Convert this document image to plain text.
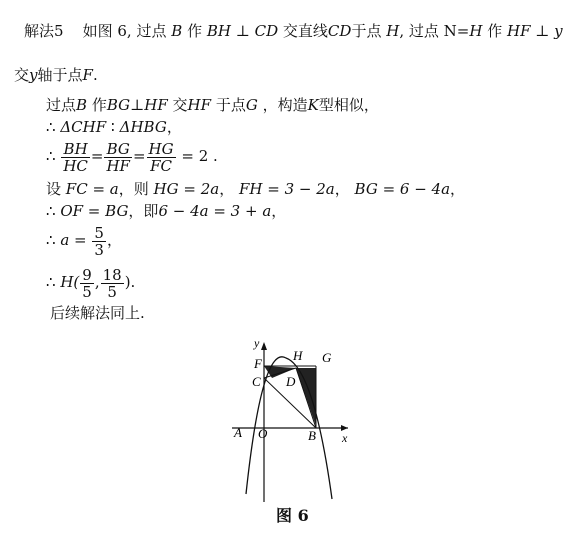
解法5 如图 6, 过点 B 作 BH ⊥ CD 交直线CD于点 H, 过点 N=H 作 HF ⊥ y
交y轴于点F.
过点B 作BG⊥HF 交HF 于点G ，构造K型相似，
∴ ΔCHF ∶ ΔHBG，
∴ $\frac{BH}{HC} = \frac{BG}{HF} = \frac{HG}{FC} = 2$ .
设 FC = a，则 HG = 2a， FH = 3 − 2a， BG = 6 − 4a，
∴ OF = BG，即6 − 4a = 3 + a，
∴ $a = \frac{5}{3}$ ，
∴ $H( \frac{9}{5}$ , $\frac{18}{5}$ ).
后续解法同上.
y
x
F
H G
C D
A O	B
图 6
